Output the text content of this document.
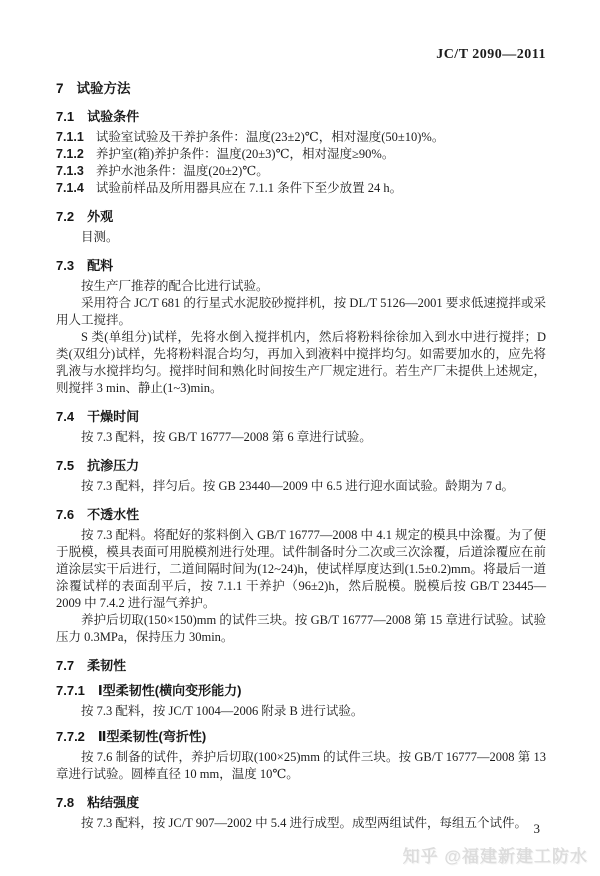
JC/T 2090—2011
7 试验方法
7.1 试验条件
7.1.1 试验室试验及干养护条件：温度(23±2)℃，相对湿度(50±10)%。
7.1.2 养护室(箱)养护条件：温度(20±3)℃，相对湿度≥90%。
7.1.3 养护水池条件：温度(20±2)℃。
7.1.4 试验前样品及所用器具应在 7.1.1 条件下至少放置 24 h。
7.2 外观

目测。

7.3 配料

按生产厂推荐的配合比进行试验。

采用符合 JC/T 681 的行星式水泥胶砂搅拌机，按 DL/T 5126—2001 要求低速搅拌或采用人工搅拌。

S 类(单组分)试样，先将水倒入搅拌机内，然后将粉料徐徐加入到水中进行搅拌；D 类(双组分)试样，先将粉料混合均匀，再加入到液料中搅拌均匀。如需要加水的，应先将乳液与水搅拌均匀。搅拌时间和熟化时间按生产厂规定进行。若生产厂未提供上述规定，则搅拌 3 min、静止(1~3)min。

7.4 干燥时间

按 7.3 配料，按 GB/T 16777—2008 第 6 章进行试验。

7.5 抗渗压力

按 7.3 配料，拌匀后。按 GB 23440—2009 中 6.5 进行迎水面试验。龄期为 7 d。

7.6 不透水性

按 7.3 配料。将配好的浆料倒入 GB/T 16777—2008 中 4.1 规定的模具中涂覆。为了便于脱模，模具表面可用脱模剂进行处理。试件制备时分二次或三次涂覆，后道涂覆应在前道涂层实干后进行，二道间隔时间为(12~24)h，使试样厚度达到(1.5±0.2)mm。将最后一道涂覆试样的表面刮平后，按 7.1.1 干养护（96±2)h，然后脱模。脱模后按 GB/T 23445—2009 中 7.4.2 进行湿气养护。

养护后切取(150×150)mm 的试件三块。按 GB/T 16777—2008 第 15 章进行试验。试验压力 0.3MPa，保持压力 30min。

7.7 柔韧性
7.7.1 Ⅰ型柔韧性(横向变形能力)

按 7.3 配料，按 JC/T 1004—2006 附录 B 进行试验。

7.7.2 Ⅱ型柔韧性(弯折性)

按 7.6 制备的试件，养护后切取(100×25)mm 的试件三块。按 GB/T 16777—2008 第 13 章进行试验。圆棒直径 10 mm，温度 10℃。

7.8 粘结强度

按 7.3 配料，按 JC/T 907—2002 中 5.4 进行成型。成型两组试件，每组五个试件。 3
知乎 @福建新建工防水
